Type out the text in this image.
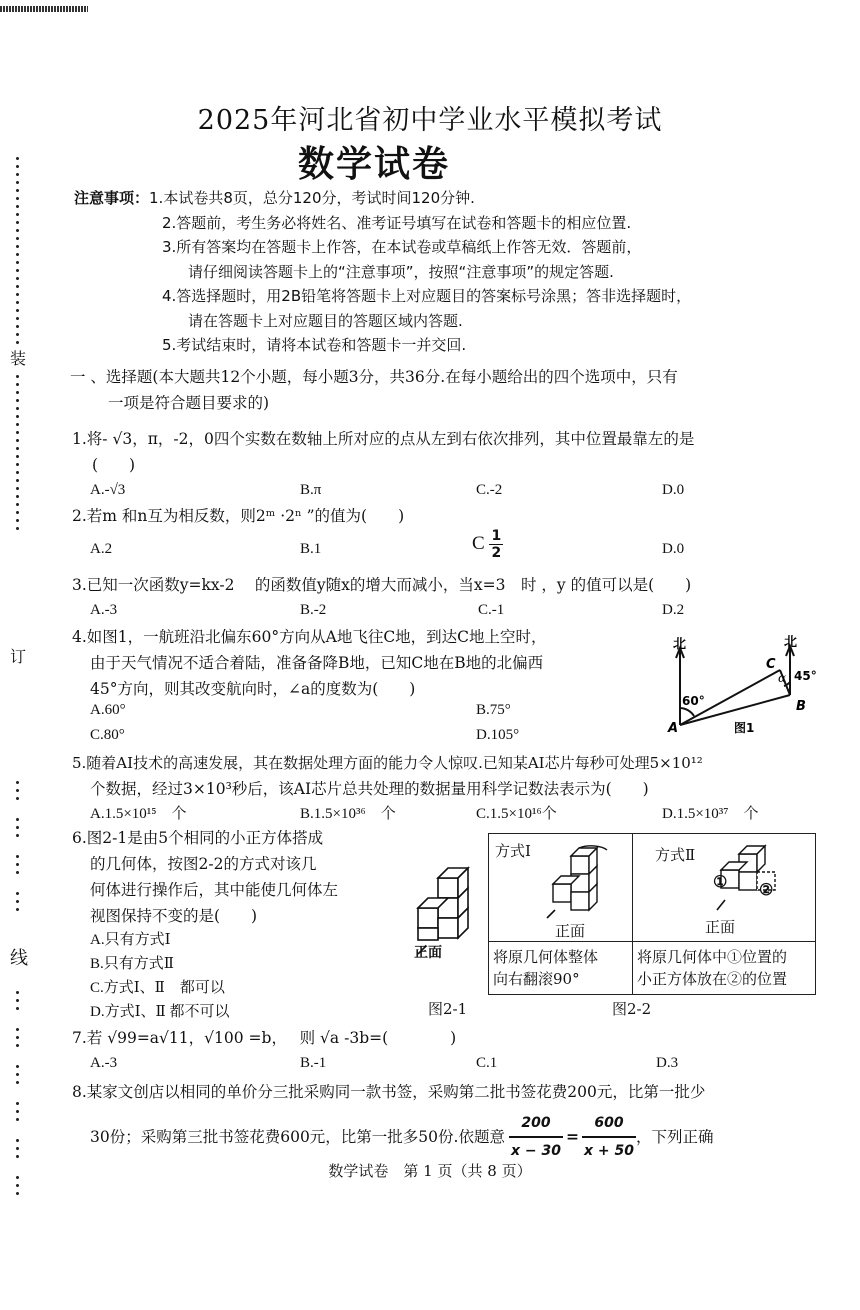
装
订
线
2025年河北省初中学业水平模拟考试
数学试卷
注意事项：1.本试卷共8页，总分120分，考试时间120分钟.
2.答题前，考生务必将姓名、准考证号填写在试卷和答题卡的相应位置.
3.所有答案均在答题卡上作答，在本试卷或草稿纸上作答无效．答题前，
请仔细阅读答题卡上的“注意事项”，按照“注意事项”的规定答题.
4.答选择题时，用2B铅笔将答题卡上对应题目的答案标号涂黑；答非选择题时，
请在答题卡上对应题目的答题区域内答题.
5.考试结束时，请将本试卷和答题卡一并交回.
一 、选择题(本大题共12个小题，每小题3分，共36分.在每小题给出的四个选项中，只有
一项是符合题目要求的)
1.将- √3，π，-2，0四个实数在数轴上所对应的点从左到右依次排列，其中位置最靠左的是
(　　)
A.-√3	B.π	C.-2	D.0
2.若m 和n互为相反数，则2ᵐ ·2ⁿ ”的值为(　　)
A.2	B.1	C $\frac{1}{2}$	D.0
3.已知一次函数y=kx-2　 的函数值y随x的增大而减小，当x=3　时 ，y 的值可以是(　　)
A.-3	B.-2	C.-1	D.2
4.如图1，一航班沿北偏东60°方向从A地飞往C地，到达C地上空时，
由于天气情况不适合着陆，准备备降B地，已知C地在B地的北偏西
45°方向，则其改变航向时，∠a的度数为(　　)
A.60°	B.75°
C.80°	D.105°
北	北
60°
45°
α
A
B
C
图1
5.随着AI技术的高速发展，其在数据处理方面的能力令人惊叹.已知某AI芯片每秒可处理5×10¹²
个数据，经过3×10³秒后，该AI芯片总共处理的数据量用科学记数法表示为(　　)
A.1.5×10¹⁵　个	B.1.5×10³⁶　个	C.1.5×10¹⁶个	D.1.5×10³⁷　个
6.图2-1是由5个相同的小正方体搭成
的几何体，按图2-2的方式对该几
何体进行操作后，其中能使几何体左
视图保持不变的是(　　)
A.只有方式Ⅰ
B.只有方式Ⅱ
C.方式Ⅰ、Ⅱ　都可以
D.方式Ⅰ、Ⅱ 都不可以
正面
方式Ⅰ	方式Ⅱ
正面
① ②
正面
将原几何体整体
向右翻滚90°
将原几何体中①位置的
小正方体放在②的位置
图2-1	图2-2
7.若 √99=a√11，√100 =b，　 则 √a -3b=(　　　　)
A.-3	B.-1	C.1	D.3
8.某家文创店以相同的单价分三批采购同一款书签，采购第二批书签花费200元，比第一批少
30份；采购第三批书签花费600元，比第一批多50份.依题意 $\frac{200}{x - 30} = \frac{600}{x + 50}$ ，下列正确
数学试卷　第 1 页（共 8 页）
